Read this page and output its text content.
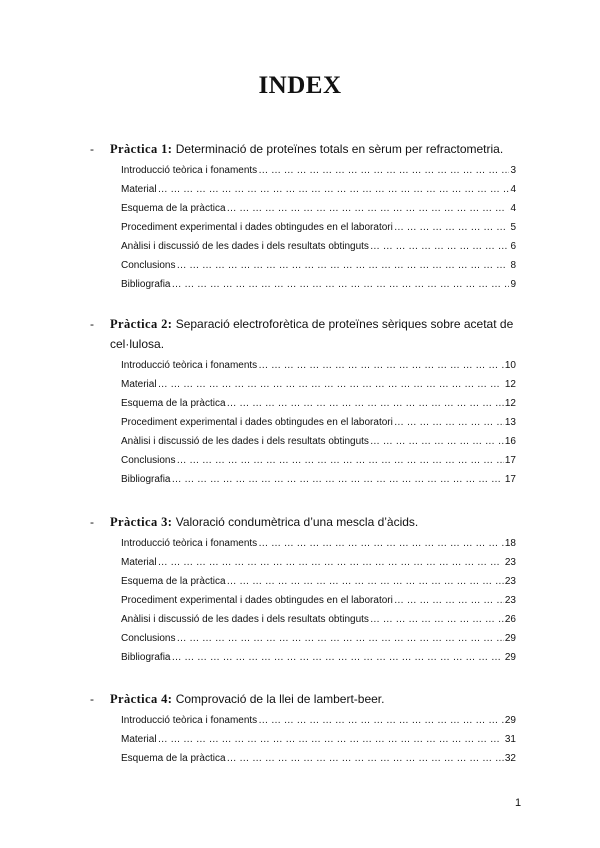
INDEX
- Pràctica 1: Determinació de proteïnes totals en sèrum per refractometria.
Introducció teòrica i fonaments … … … … … … … … … … … … … … … … … … … … … … … … … … … … … … … … … … … … … … … … … … … … … … … … … … … … …	3
Material … … … … … … … … … … … … … … … … … … … … … … … … … … … … … … … … … … … … … … … … … … … … … … … … … … … … …	4
Esquema de la pràctica … … … … … … … … … … … … … … … … … … … … … … … … … … … … … … … … … … … … … … … … … … … … … … … … … … … … …	4
Procediment experimental i dades obtingudes en el laboratori … … … … … … … … … … … … … … … … … … … … … … … … … … … … … … … … … … … … … … … … … … … … … … … … … … … … …	5
Anàlisi i discussió de les dades i dels resultats obtinguts … … … … … … … … … … … … … … … … … … … … … … … … … … … … … … … … … … … … … … … … … … … … … … … … … … … … …	6
Conclusions … … … … … … … … … … … … … … … … … … … … … … … … … … … … … … … … … … … … … … … … … … … … … … … … … … … … …	8
Bibliografia … … … … … … … … … … … … … … … … … … … … … … … … … … … … … … … … … … … … … … … … … … … … … … … … … … … … …	9
- Pràctica 2: Separació electroforètica de proteïnes sèriques sobre acetat de cel·lulosa.
Introducció teòrica i fonaments … … … … … … … … … … … … … … … … … … … … … … … … … … … … … … … … … … … … … … … … … … … … … … … … … … … … …	10
Material … … … … … … … … … … … … … … … … … … … … … … … … … … … … … … … … … … … … … … … … … … … … … … … … … … … … …	12
Esquema de la pràctica … … … … … … … … … … … … … … … … … … … … … … … … … … … … … … … … … … … … … … … … … … … … … … … … … … … … …	12
Procediment experimental i dades obtingudes en el laboratori … … … … … … … … … … … … … … … … … … … … … … … … … … … … … … … … … … … … … … … … … … … … … … … … … … … … …	13
Anàlisi i discussió de les dades i dels resultats obtinguts … … … … … … … … … … … … … … … … … … … … … … … … … … … … … … … … … … … … … … … … … … … … … … … … … … … … …	16
Conclusions … … … … … … … … … … … … … … … … … … … … … … … … … … … … … … … … … … … … … … … … … … … … … … … … … … … … …	17
Bibliografia … … … … … … … … … … … … … … … … … … … … … … … … … … … … … … … … … … … … … … … … … … … … … … … … … … … … …	17
- Pràctica 3: Valoració condumètrica d’una mescla d’àcids.
Introducció teòrica i fonaments … … … … … … … … … … … … … … … … … … … … … … … … … … … … … … … … … … … … … … … … … … … … … … … … … … … … …	18
Material … … … … … … … … … … … … … … … … … … … … … … … … … … … … … … … … … … … … … … … … … … … … … … … … … … … … …	23
Esquema de la pràctica … … … … … … … … … … … … … … … … … … … … … … … … … … … … … … … … … … … … … … … … … … … … … … … … … … … … …	23
Procediment experimental i dades obtingudes en el laboratori … … … … … … … … … … … … … … … … … … … … … … … … … … … … … … … … … … … … … … … … … … … … … … … … … … … … …	23
Anàlisi i discussió de les dades i dels resultats obtinguts … … … … … … … … … … … … … … … … … … … … … … … … … … … … … … … … … … … … … … … … … … … … … … … … … … … … …	26
Conclusions … … … … … … … … … … … … … … … … … … … … … … … … … … … … … … … … … … … … … … … … … … … … … … … … … … … … …	29
Bibliografia … … … … … … … … … … … … … … … … … … … … … … … … … … … … … … … … … … … … … … … … … … … … … … … … … … … … …	29
- Pràctica 4: Comprovació de la llei de lambert-beer.
Introducció teòrica i fonaments … … … … … … … … … … … … … … … … … … … … … … … … … … … … … … … … … … … … … … … … … … … … … … … … … … … … …	29
Material … … … … … … … … … … … … … … … … … … … … … … … … … … … … … … … … … … … … … … … … … … … … … … … … … … … … …	31
Esquema de la pràctica … … … … … … … … … … … … … … … … … … … … … … … … … … … … … … … … … … … … … … … … … … … … … … … … … … … … …	32
1
